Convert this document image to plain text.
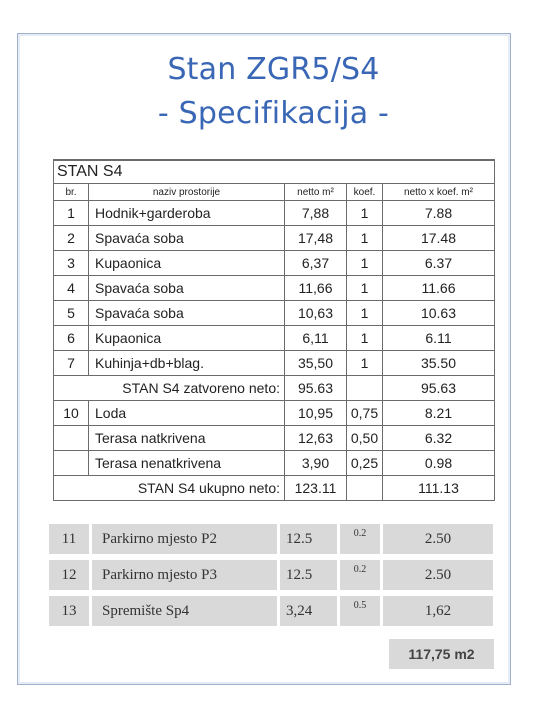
Stan ZGR5/S4
- Specifikacija -
STAN S4				
br.	naziv prostorije	netto m²	koef.	netto x koef. m²
1	Hodnik+garderoba	7,88	1	7.88
2	Spavaća soba	17,48	1	17.48
3	Kupaonica	6,37	1	6.37
4	Spavaća soba	11,66	1	11.66
5	Spavaća soba	10,63	1	10.63
6	Kupaonica	6,11	1	6.11
7	Kuhinja+db+blag.	35,50	1	35.50
STAN S4 zatvoreno neto:		95.63		95.63
10	Loda	10,95	0,75	8.21
	Terasa natkrivena	12,63	0,50	6.32
	Terasa nenatkrivena	3,90	0,25	0.98
STAN S4 ukupno neto:		123.11		111.13
11	Parkirno mjesto P2	12.5	0.2	2.50
12	Parkirno mjesto P3	12.5	0.2	2.50
13	Spremište Sp4	3,24	0.5	1,62
117,75 m2
